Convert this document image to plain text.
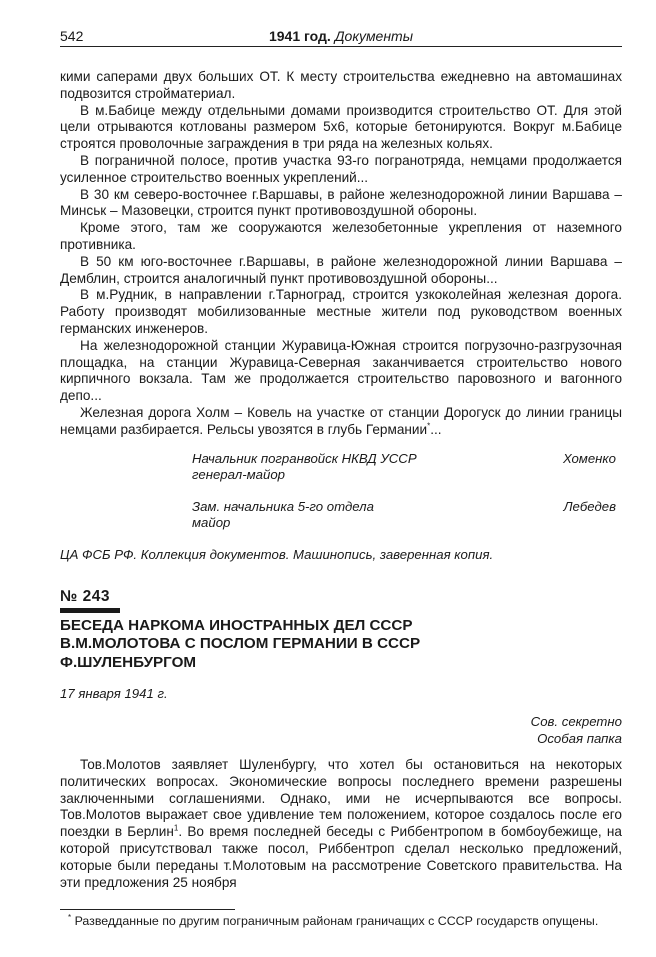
542	1941 год. Документы

кими саперами двух больших ОТ. К месту строительства ежедневно на автомашинах подвозится стройматериал.

В м.Бабице между отдельными домами производится строительство ОТ. Для этой цели отрываются котлованы размером 5х6, которые бетонируются. Вокруг м.Бабице строятся проволочные заграждения в три ряда на железных кольях.

В пограничной полосе, против участка 93-го погранотряда, немцами продолжается усиленное строительство военных укреплений...

В 30 км северо-восточнее г.Варшавы, в районе железнодорожной линии Варшава – Минськ – Мазовецки, строится пункт противовоздушной обороны.

Кроме этого, там же сооружаются железобетонные укрепления от наземного противника.

В 50 км юго-восточнее г.Варшавы, в районе железнодорожной линии Варшава – Демблин, строится аналогичный пункт противовоздушной обороны...

В м.Рудник, в направлении г.Тарноград, строится узкоколейная железная дорога. Работу производят мобилизованные местные жители под руководством военных германских инженеров.

На железнодорожной станции Журавица-Южная строится погрузочно-разгрузочная площадка, на станции Журавица-Северная заканчивается строительство нового кирпичного вокзала. Там же продолжается строительство паровозного и вагонного депо...

Железная дорога Холм – Ковель на участке от станции Дорогуск до линии границы немцами разбирается. Рельсы увозятся в глубь Германии*...

Начальник погранвойск НКВД УССР
генерал-майор
Хоменко
Зам. начальника 5-го отдела
майор
Лебедев
ЦА ФСБ РФ. Коллекция документов. Машинопись, заверенная копия.
№ 243
БЕСЕДА НАРКОМА ИНОСТРАННЫХ ДЕЛ СССР
В.М.МОЛОТОВА С ПОСЛОМ ГЕРМАНИИ В СССР
Ф.ШУЛЕНБУРГОМ
17 января 1941 г.
Сов. секретно
Особая папка

Тов.Молотов заявляет Шуленбургу, что хотел бы остановиться на некоторых политических вопросах. Экономические вопросы последнего времени разрешены заключенными соглашениями. Однако, ими не исчерпываются все вопросы. Тов.Молотов выражает свое удивление тем положением, которое создалось после его поездки в Берлин$^1$. Во время последней беседы с Риббентропом в бомбоубежище, на которой присутствовал также посол, Риббентроп сделал несколько предложений, которые были переданы т.Молотовым на рассмотрение Советского правительства. На эти предложения 25 ноября

* Разведданные по другим пограничным районам граничащих с СССР государств опущены.
